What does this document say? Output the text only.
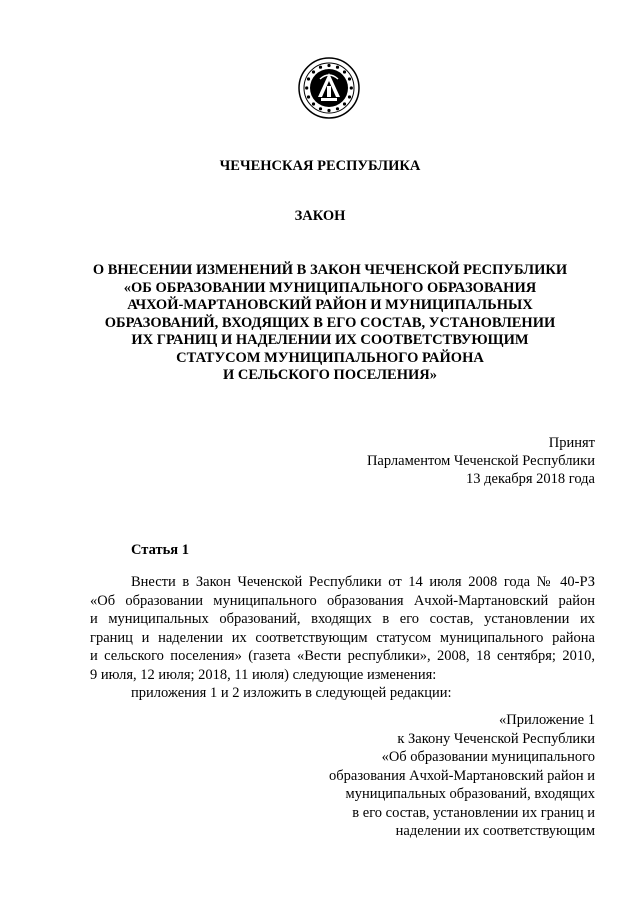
ЧЕЧЕНСКАЯ РЕСПУБЛИКА
ЗАКОН
О ВНЕСЕНИИ ИЗМЕНЕНИЙ В ЗАКОН ЧЕЧЕНСКОЙ РЕСПУБЛИКИ
«ОБ ОБРАЗОВАНИИ МУНИЦИПАЛЬНОГО ОБРАЗОВАНИЯ
АЧХОЙ-МАРТАНОВСКИЙ РАЙОН И МУНИЦИПАЛЬНЫХ
ОБРАЗОВАНИЙ, ВХОДЯЩИХ В ЕГО СОСТАВ, УСТАНОВЛЕНИИ
ИХ ГРАНИЦ И НАДЕЛЕНИИ ИХ СООТВЕТСТВУЮЩИМ
СТАТУСОМ МУНИЦИПАЛЬНОГО РАЙОНА
И СЕЛЬСКОГО ПОСЕЛЕНИЯ»
Принят
Парламентом Чеченской Республики
13 декабря 2018 года
Статья 1
Внести в Закон Чеченской Республики от 14 июля 2008 года № 40-РЗ
«Об образовании муниципального образования Ачхой-Мартановский район
и муниципальных образований, входящих в его состав, установлении их
границ и наделении их соответствующим статусом муниципального района
и сельского поселения» (газета «Вести республики», 2008, 18 сентября; 2010,
9 июля, 12 июля; 2018, 11 июля) следующие изменения:
приложения 1 и 2 изложить в следующей редакции:
«Приложение 1
к Закону Чеченской Республики
«Об образовании муниципального
образования Ачхой-Мартановский район и
муниципальных образований, входящих
в его состав, установлении их границ и
наделении их соответствующим
